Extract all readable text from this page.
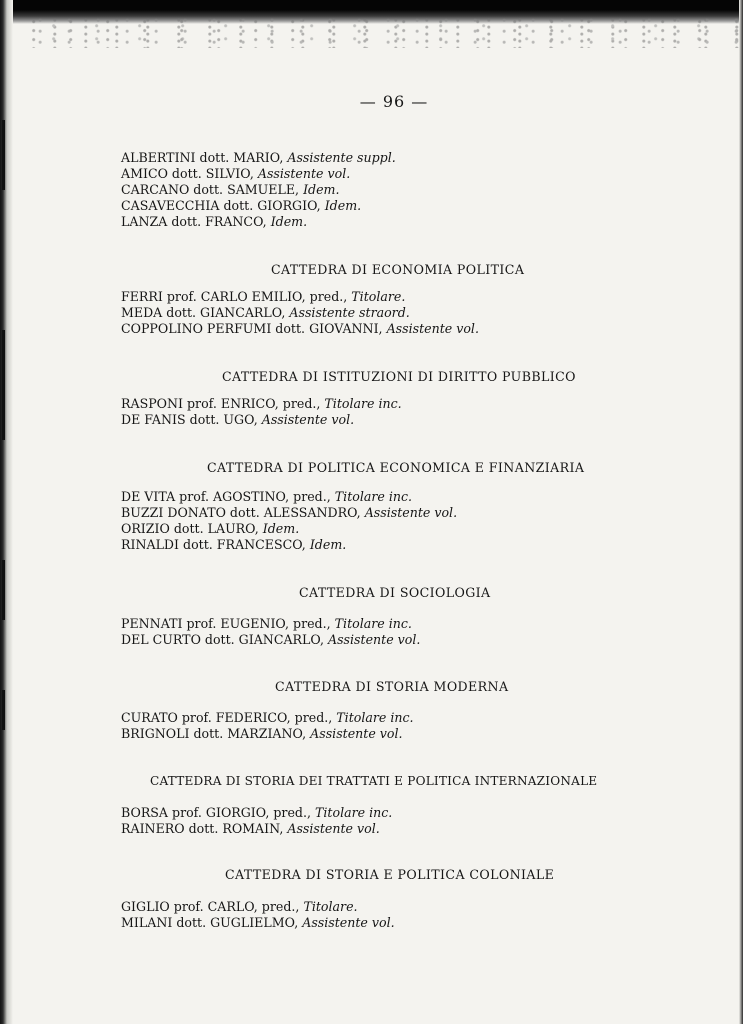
— 96 —
ALBERTINI dott. MARIO, Assistente suppl.
AMICO dott. SILVIO, Assistente vol.
CARCANO dott. SAMUELE, Idem.
CASAVECCHIA dott. GIORGIO, Idem.
LANZA dott. FRANCO, Idem.
CATTEDRA DI ECONOMIA POLITICA
FERRI prof. CARLO EMILIO, pred., Titolare.
MEDA dott. GIANCARLO, Assistente straord.
COPPOLINO PERFUMI dott. GIOVANNI, Assistente vol.
CATTEDRA DI ISTITUZIONI DI DIRITTO PUBBLICO
RASPONI prof. ENRICO, pred., Titolare inc.
DE FANIS dott. UGO, Assistente vol.
CATTEDRA DI POLITICA ECONOMICA E FINANZIARIA
DE VITA prof. AGOSTINO, pred., Titolare inc.
BUZZI DONATO dott. ALESSANDRO, Assistente vol.
ORIZIO dott. LAURO, Idem.
RINALDI dott. FRANCESCO, Idem.
CATTEDRA DI SOCIOLOGIA
PENNATI prof. EUGENIO, pred., Titolare inc.
DEL CURTO dott. GIANCARLO, Assistente vol.
CATTEDRA DI STORIA MODERNA
CURATO prof. FEDERICO, pred., Titolare inc.
BRIGNOLI dott. MARZIANO, Assistente vol.
CATTEDRA DI STORIA DEI TRATTATI E POLITICA INTERNAZIONALE
BORSA prof. GIORGIO, pred., Titolare inc.
RAINERO dott. ROMAIN, Assistente vol.
CATTEDRA DI STORIA E POLITICA COLONIALE
GIGLIO prof. CARLO, pred., Titolare.
MILANI dott. GUGLIELMO, Assistente vol.
